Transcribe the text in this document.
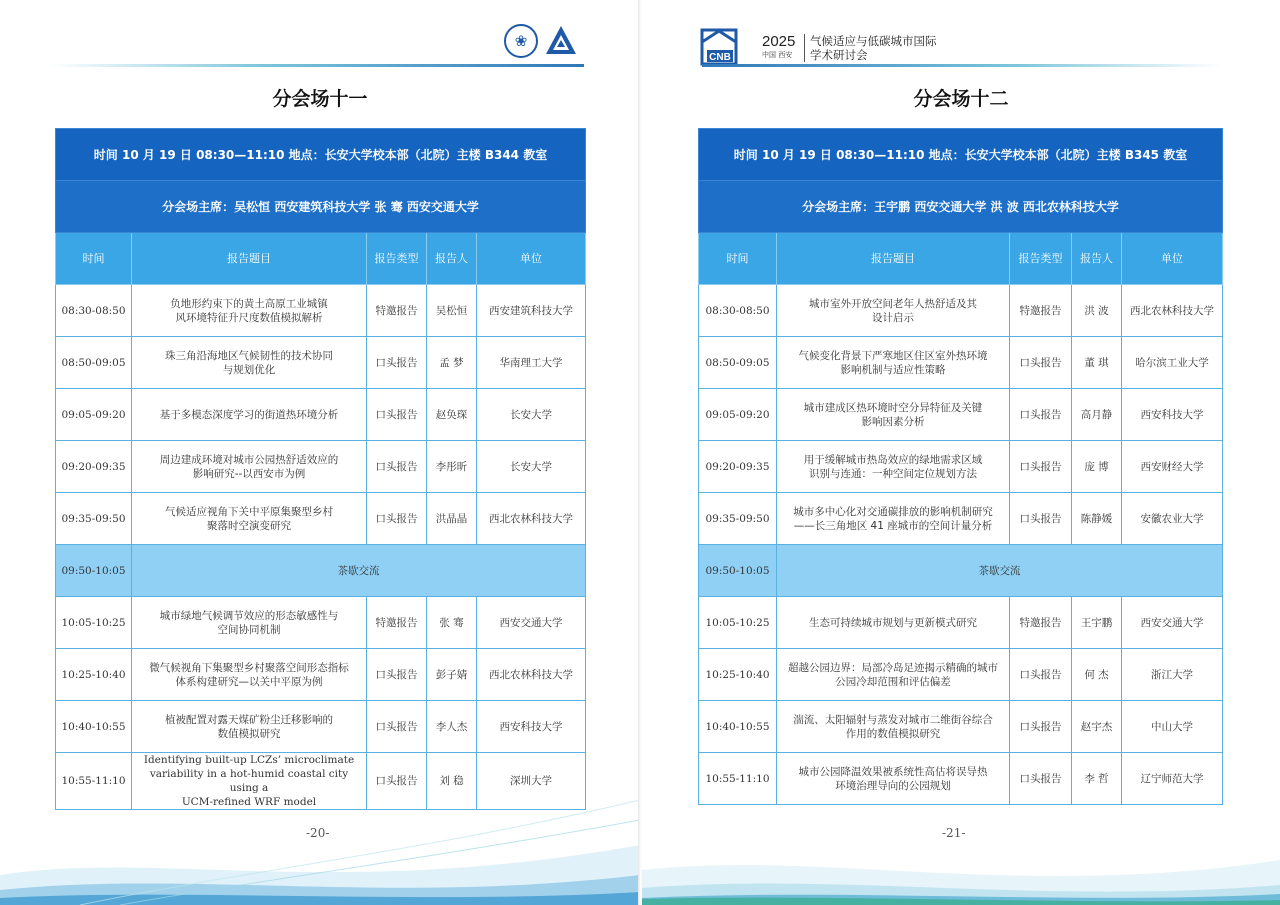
❀
分会场十一
时间 10 月 19 日 08:30—11:10 地点：长安大学校本部（北院）主楼 B344 教室				
分会场主席：吴松恒 西安建筑科技大学 张 骞 西安交通大学				
时间	报告题目	报告类型	报告人	单位
08:30-08:50	负地形约束下的黄土高原工业城镇
风环境特征升尺度数值模拟解析	特邀报告	吴松恒	西安建筑科技大学
08:50-09:05	珠三角沿海地区气候韧性的技术协同
与规划优化	口头报告	孟 梦	华南理工大学
09:05-09:20	基于多模态深度学习的街道热环境分析	口头报告	赵奂琛	长安大学
09:20-09:35	周边建成环境对城市公园热舒适效应的
影响研究--以西安市为例	口头报告	李彤昕	长安大学
09:35-09:50	气候适应视角下关中平原集聚型乡村
聚落时空演变研究	口头报告	洪晶晶	西北农林科技大学
09:50-10:05	茶歇交流			
10:05-10:25	城市绿地气候调节效应的形态敏感性与
空间协同机制	特邀报告	张 骞	西安交通大学
10:25-10:40	微气候视角下集聚型乡村聚落空间形态指标
体系构建研究—以关中平原为例	口头报告	彭子婧	西北农林科技大学
10:40-10:55	植被配置对露天煤矿粉尘迁移影响的
数值模拟研究	口头报告	李人杰	西安科技大学
10:55-11:10	Identifying built-up LCZs’ microclimate
variability in a hot-humid coastal city using a
UCM-refined WRF model	口头报告	刘 稳	深圳大学
-20-
CNB
2025
中国 西安
气候适应与低碳城市国际
学术研讨会
分会场十二
时间 10 月 19 日 08:30—11:10 地点：长安大学校本部（北院）主楼 B345 教室				
分会场主席：王宇鹏 西安交通大学 洪 波 西北农林科技大学				
时间	报告题目	报告类型	报告人	单位
08:30-08:50	城市室外开放空间老年人热舒适及其
设计启示	特邀报告	洪 波	西北农林科技大学
08:50-09:05	气候变化背景下严寒地区住区室外热环境
影响机制与适应性策略	口头报告	董 琪	哈尔滨工业大学
09:05-09:20	城市建成区热环境时空分异特征及关键
影响因素分析	口头报告	高月静	西安科技大学
09:20-09:35	用于缓解城市热岛效应的绿地需求区域
识别与连通：一种空间定位规划方法	口头报告	庞 博	西安财经大学
09:35-09:50	城市多中心化对交通碳排放的影响机制研究
——长三角地区 41 座城市的空间计量分析	口头报告	陈静媛	安徽农业大学
09:50-10:05	茶歇交流			
10:05-10:25	生态可持续城市规划与更新模式研究	特邀报告	王宇鹏	西安交通大学
10:25-10:40	超越公园边界：局部冷岛足迹揭示精确的城市
公园冷却范围和评估偏差	口头报告	何 杰	浙江大学
10:40-10:55	湍流、太阳辐射与蒸发对城市二维街谷综合
作用的数值模拟研究	口头报告	赵宇杰	中山大学
10:55-11:10	城市公园降温效果被系统性高估将误导热
环境治理导向的公园规划	口头报告	李 哲	辽宁师范大学
-21-
